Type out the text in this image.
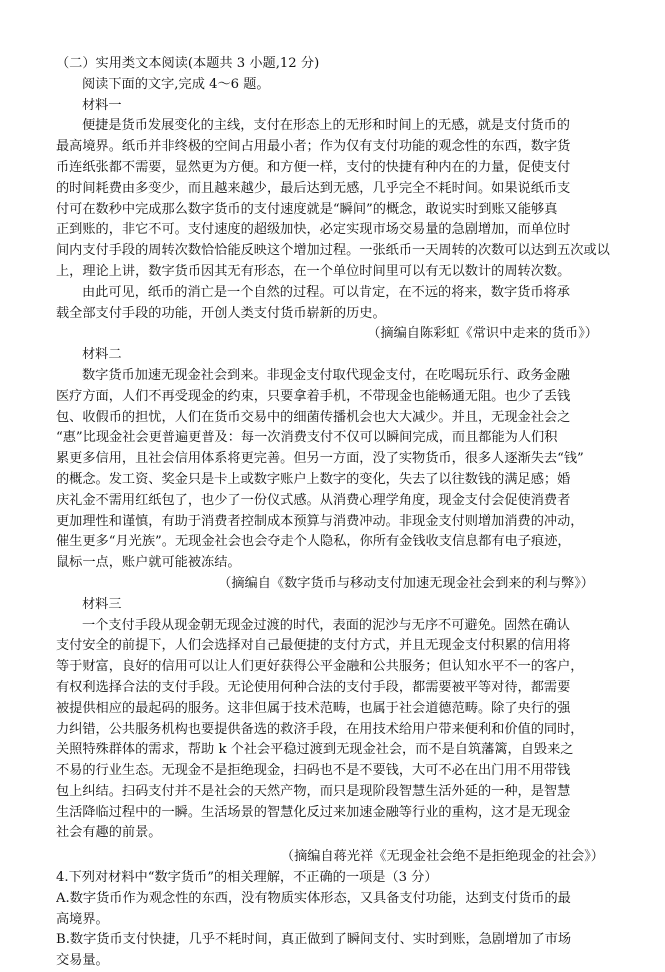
（二）实用类文本阅读(本题共 3 小题,12 分)
阅读下面的文字,完成 4～6 题。
材料一
便捷是货币发展变化的主线，支付在形态上的无形和时间上的无感，就是支付货币的
最高境界。纸币并非终极的空间占用最小者；作为仅有支付功能的观念性的东西，数字货
币连纸张都不需要，显然更为方便。和方便一样，支付的快捷有种内在的力量，促使支付
的时间耗费由多变少，而且越来越少，最后达到无感，几乎完全不耗时间。如果说纸币支
付可在数秒中完成那么数字货币的支付速度就是“瞬间”的概念，敢说实时到账又能够真
正到账的，非它不可。支付速度的超级加快，必定实现市场交易量的急剧增加，而单位时
间内支付手段的周转次数恰恰能反映这个增加过程。一张纸币一天周转的次数可以达到五次或以
上，理论上讲，数字货币因其无有形态，在一个单位时间里可以有无以数计的周转次数。
由此可见，纸币的消亡是一个自然的过程。可以肯定，在不远的将来，数字货币将承
载全部支付手段的功能，开创人类支付货币崭新的历史。
（摘编自陈彩虹《常识中走来的货币》）
材料二
数字货币加速无现金社会到来。非现金支付取代现金支付，在吃喝玩乐行、政务金融
医疗方面，人们不再受现金的约束，只要拿着手机，不带现金也能畅通无阻。也少了丢钱
包、收假币的担忧，人们在货币交易中的细菌传播机会也大大减少。并且，无现金社会之
“惠”比现金社会更普遍更普及：每一次消费支付不仅可以瞬间完成，而且都能为人们积
累更多信用，且社会信用体系将更完善。但另一方面，没了实物货币，很多人逐渐失去“钱”
的概念。发工资、奖金只是卡上或数字账户上数字的变化，失去了以往数钱的满足感；婚
庆礼金不需用红纸包了，也少了一份仪式感。从消费心理学角度，现金支付会促使消费者
更加理性和谨慎，有助于消费者控制成本预算与消费冲动。非现金支付则增加消费的冲动，
催生更多“月光族”。无现金社会也会夺走个人隐私，你所有金钱收支信息都有电子痕迹，
鼠标一点，账户就可能被冻结。
（摘编自《数字货币与移动支付加速无现金社会到来的利与弊》）
材料三
一个支付手段从现金朝无现金过渡的时代，表面的泥沙与无序不可避免。固然在确认
支付安全的前提下，人们会选择对自己最便捷的支付方式，并且无现金支付积累的信用将
等于财富，良好的信用可以让人们更好获得公平金融和公共服务；但认知水平不一的客户，
有权利选择合法的支付手段。无论使用何种合法的支付手段，都需要被平等对待，都需要
被提供相应的最起码的服务。这非但属于技术范畴，也属于社会道德范畴。除了央行的强
力纠错，公共服务机构也要提供备选的救济手段，在用技术给用户带来便利和价值的同时，
关照特殊群体的需求，帮助 k 个社会平稳过渡到无现金社会，而不是自筑藩篱，自毁来之
不易的行业生态。无现金不是拒绝现金，扫码也不是不要钱，大可不必在出门用不用带钱
包上纠结。扫码支付并不是社会的天然产物，而只是现阶段智慧生活外延的一种，是智慧
生活降临过程中的一瞬。生活场景的智慧化反过来加速金融等行业的重构，这才是无现金
社会有趣的前景。
（摘编自蒋光祥《无现金社会绝不是拒绝现金的社会》）
4.下列对材料中“数字货币”的相关理解，不正确的一项是（3 分）
A.数字货币作为观念性的东西，没有物质实体形态，又具备支付功能，达到支付货币的最
高境界。
B.数字货币支付快捷，几乎不耗时间，真正做到了瞬间支付、实时到账，急剧增加了市场
交易量。
